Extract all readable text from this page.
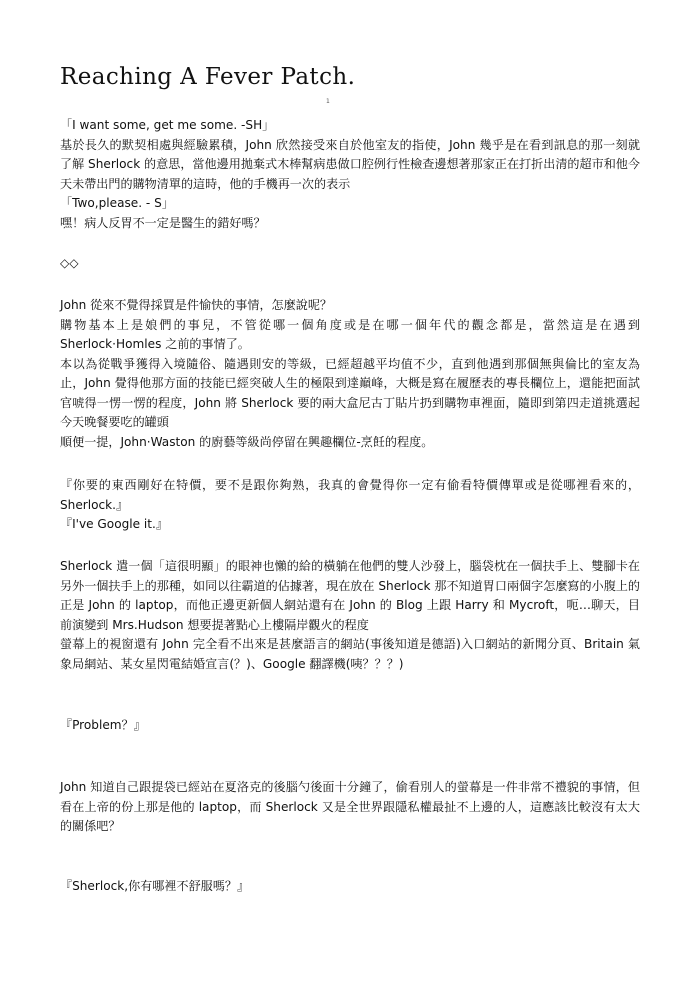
Reaching A Fever Patch.
1

「I want some, get me some. -SH」

基於長久的默契相處與經驗累積，John 欣然接受來自於他室友的指使，John 幾乎是在看到訊息的那一刻就了解 Sherlock 的意思，當他邊用拋棄式木棒幫病患做口腔例行性檢查邊想著那家正在打折出清的超市和他今天未帶出門的購物清單的這時，他的手機再一次的表示

「Two,please. - S」

嘿！病人反胃不一定是醫生的錯好嗎？

◇◇

John 從來不覺得採買是件愉快的事情，怎麼說呢？

購物基本上是娘們的事兒，不管從哪一個角度或是在哪一個年代的觀念都是，當然這是在遇到 Sherlock·Homles 之前的事情了。

本以為從戰爭獲得入境隨俗、隨遇則安的等級，已經超越平均值不少，直到他遇到那個無與倫比的室友為止，John 覺得他那方面的技能已經突破人生的極限到達巔峰，大概是寫在履歷表的專長欄位上，還能把面試官唬得一愣一愣的程度，John 將 Sherlock 要的兩大盒尼古丁貼片扔到購物車裡面，隨即到第四走道挑選起今天晚餐要吃的罐頭

順便一提，John·Waston 的廚藝等級尚停留在興趣欄位-烹飪的程度。

『你要的東西剛好在特價，要不是跟你夠熟，我真的會覺得你一定有偷看特價傳單或是從哪裡看來的，Sherlock.』

『I've Google it.』

Sherlock 遣一個「這很明顯」的眼神也懶的給的橫躺在他們的雙人沙發上，腦袋枕在一個扶手上、雙腳卡在另外一個扶手上的那種，如同以往霸道的佔據著，現在放在 Sherlock 那不知道胃口兩個字怎麼寫的小腹上的正是 John 的 laptop，而他正邊更新個人網站還有在 John 的 Blog 上跟 Harry 和 Mycroft，呃…聊天，目前演變到 Mrs.Hudson 想要提著點心上樓隔岸觀火的程度

螢幕上的視窗還有 John 完全看不出來是甚麼語言的網站(事後知道是德語)入口網站的新聞分頁、Britain 氣象局網站、某女星閃電結婚宣言(？)、Google 翻譯機(咦？？？)

『Problem？』

John 知道自己跟提袋已經站在夏洛克的後腦勺後面十分鐘了，偷看別人的螢幕是一件非常不禮貌的事情，但看在上帝的份上那是他的 laptop，而 Sherlock 又是全世界跟隱私權最扯不上邊的人，這應該比較沒有太大的關係吧？

『Sherlock,你有哪裡不舒服嗎？』
